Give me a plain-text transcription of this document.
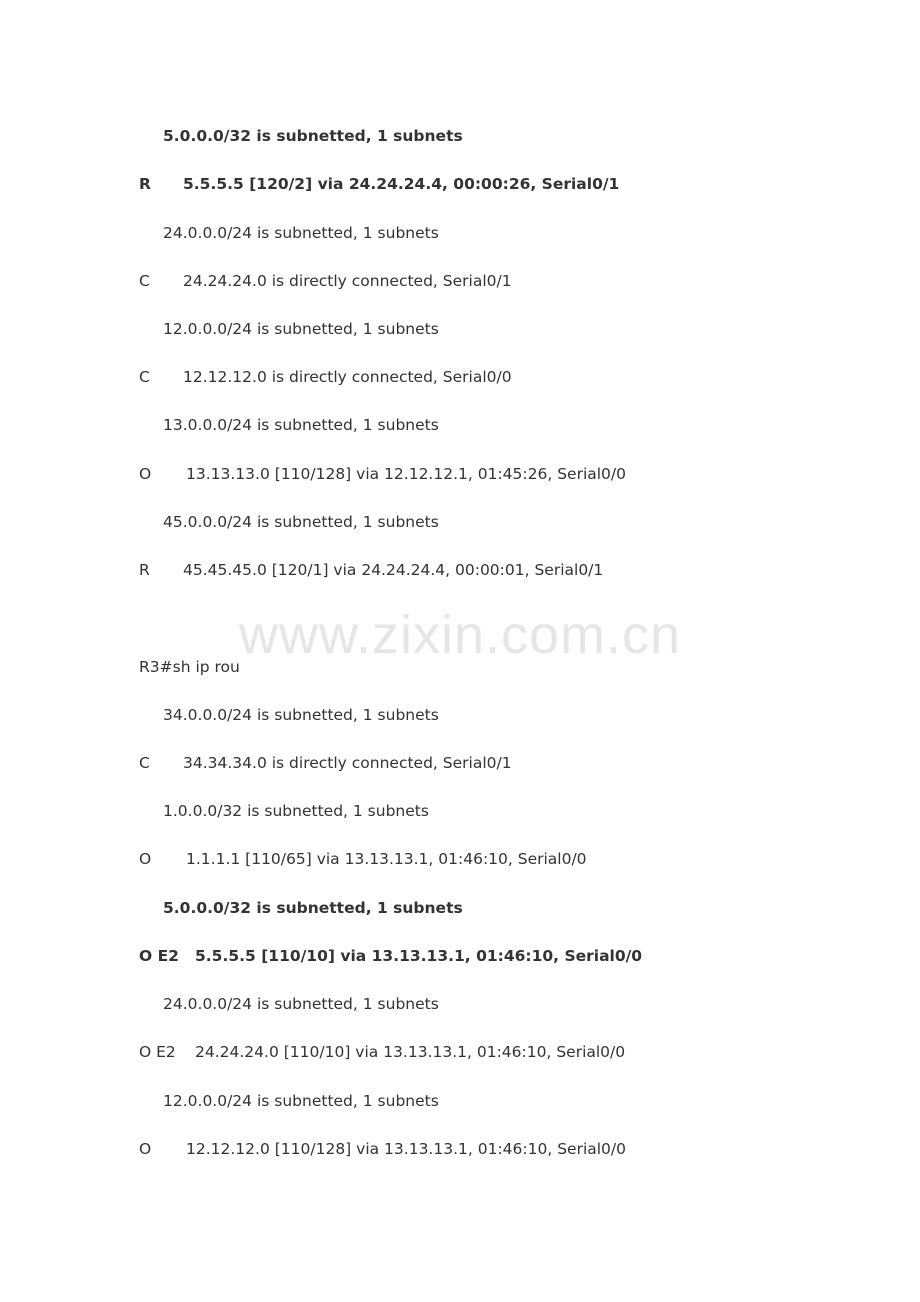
5.0.0.0/32 is subnetted, 1 subnets
R 5.5.5.5 [120/2] via 24.24.24.4, 00:00:26, Serial0/1
24.0.0.0/24 is subnetted, 1 subnets
C 24.24.24.0 is directly connected, Serial0/1
12.0.0.0/24 is subnetted, 1 subnets
C 12.12.12.0 is directly connected, Serial0/0
13.0.0.0/24 is subnetted, 1 subnets
O 13.13.13.0 [110/128] via 12.12.12.1, 01:45:26, Serial0/0
45.0.0.0/24 is subnetted, 1 subnets
R 45.45.45.0 [120/1] via 24.24.24.4, 00:00:01, Serial0/1
www.zixin.com.cn
R3#sh ip rou
34.0.0.0/24 is subnetted, 1 subnets
C 34.34.34.0 is directly connected, Serial0/1
1.0.0.0/32 is subnetted, 1 subnets
O 1.1.1.1 [110/65] via 13.13.13.1, 01:46:10, Serial0/0
5.0.0.0/32 is subnetted, 1 subnets
O E2 5.5.5.5 [110/10] via 13.13.13.1, 01:46:10, Serial0/0
24.0.0.0/24 is subnetted, 1 subnets
O E2 24.24.24.0 [110/10] via 13.13.13.1, 01:46:10, Serial0/0
12.0.0.0/24 is subnetted, 1 subnets
O 12.12.12.0 [110/128] via 13.13.13.1, 01:46:10, Serial0/0
